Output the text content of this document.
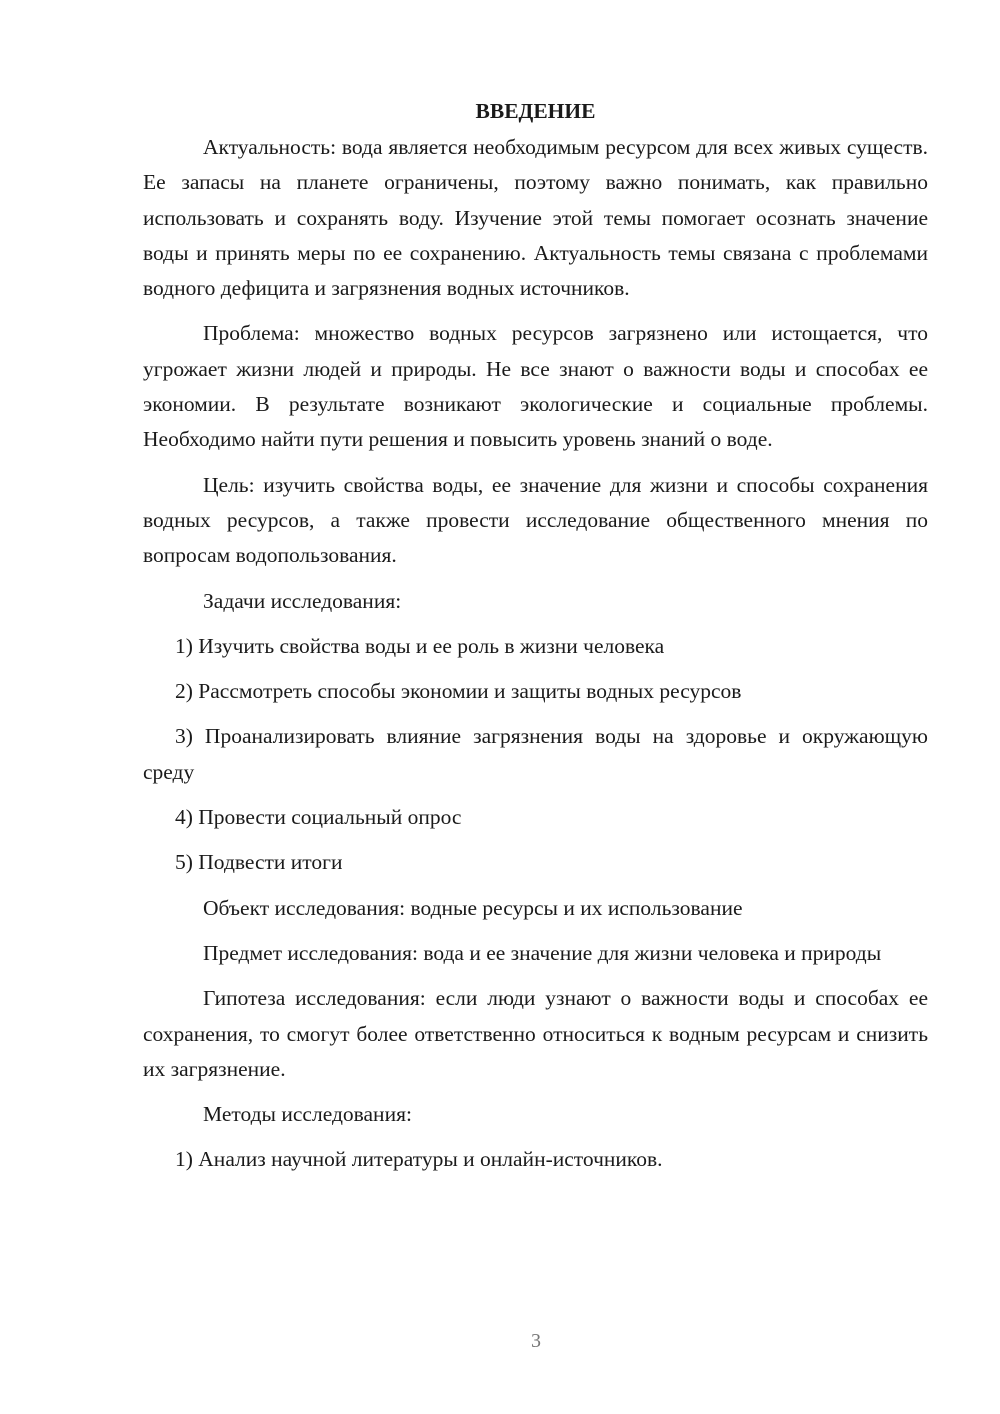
ВВЕДЕНИЕ

Актуальность: вода является необходимым ресурсом для всех живых существ. Ее запасы на планете ограничены, поэтому важно понимать, как правильно использовать и сохранять воду. Изучение этой темы помогает осознать значение воды и принять меры по ее сохранению. Актуальность темы связана с проблемами водного дефицита и загрязнения водных источников.

Проблема: множество водных ресурсов загрязнено или истощается, что угрожает жизни людей и природы. Не все знают о важности воды и способах ее экономии. В результате возникают экологические и социальные проблемы. Необходимо найти пути решения и повысить уровень знаний о воде.

Цель: изучить свойства воды, ее значение для жизни и способы сохранения водных ресурсов, а также провести исследование общественного мнения по вопросам водопользования.

Задачи исследования:

1) Изучить свойства воды и ее роль в жизни человека

2) Рассмотреть способы экономии и защиты водных ресурсов

3) Проанализировать влияние загрязнения воды на здоровье и окружающую среду

4) Провести социальный опрос

5) Подвести итоги

Объект исследования: водные ресурсы и их использование

Предмет исследования: вода и ее значение для жизни человека и природы

Гипотеза исследования: если люди узнают о важности воды и способах ее сохранения, то смогут более ответственно относиться к водным ресурсам и снизить их загрязнение.

Методы исследования:

1) Анализ научной литературы и онлайн-источников.

3
